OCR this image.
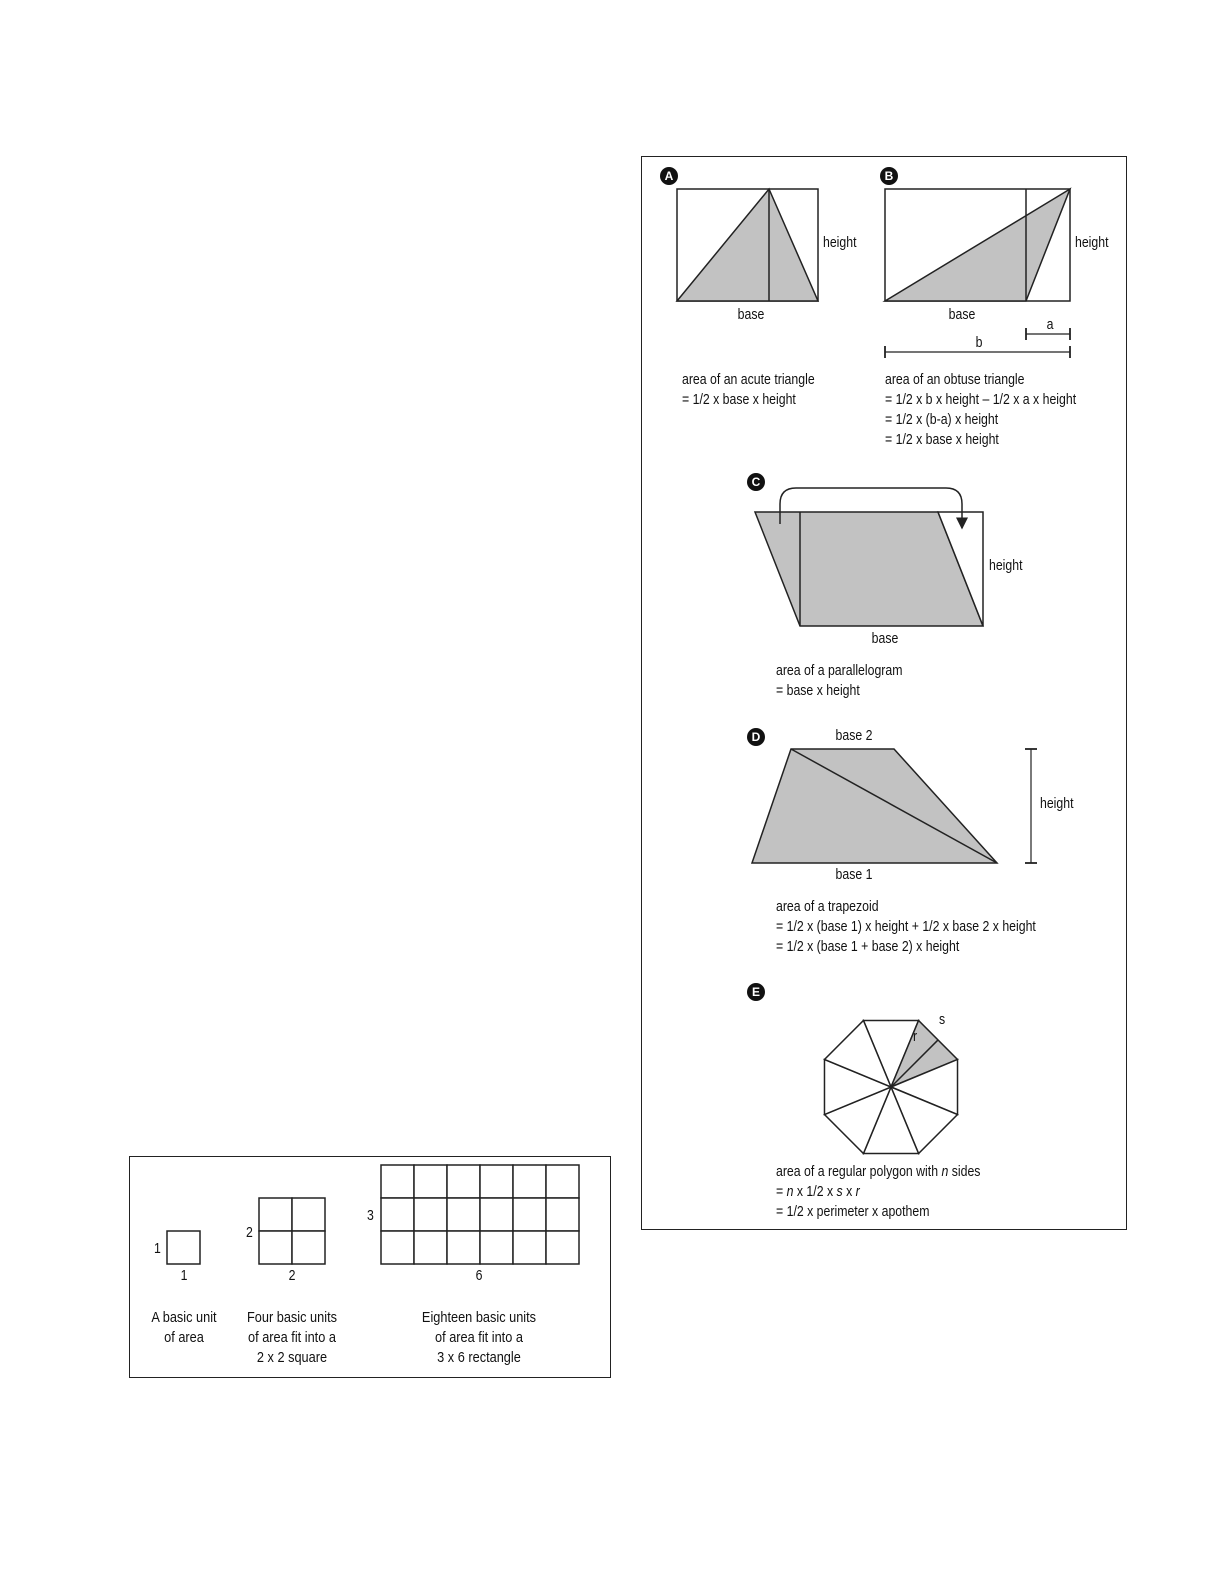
A	B
C
D
E
height
base
area of an acute triangle
= 1/2 x base x height
height
base
a
b
area of an obtuse triangle
= 1/2 x b x height – 1/2 x a x height
= 1/2 x (b-a) x height
= 1/2 x base x height
height
base
area of a parallelogram
= base x height
base 2
base 1
height
area of a trapezoid
= 1/2 x (base 1) x height + 1/2 x base 2 x height
= 1/2 x (base 1 + base 2) x height
s
r
area of a regular polygon with n sides
= n x 1/2 x s x r
= 1/2 x perimeter x apothem
1
1
2
2
3
6
A basic unit
of area
Four basic units
of area fit into a
2 x 2 square
Eighteen basic units
of area fit into a
3 x 6 rectangle
